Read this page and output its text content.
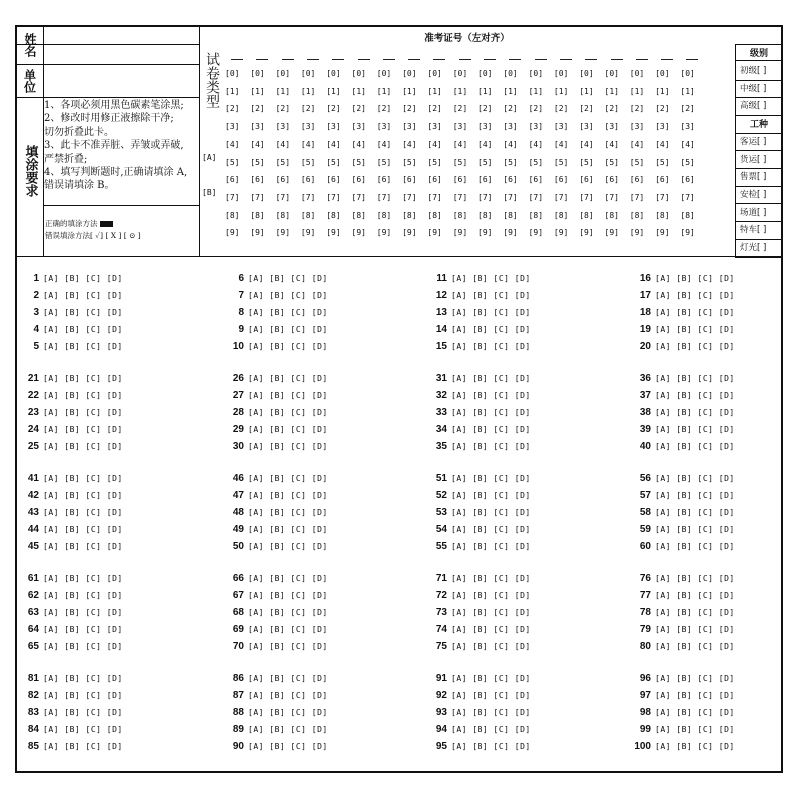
姓名
单位
填涂要求
1、各项必须用黑色碳素笔涂黑;
2、修改时用修正液擦除干净;
切勿折叠此卡。
3、此卡不准弄脏、弄皱或弄破,
严禁折叠;
4、填写判断题时,正确请填涂 A,
错误请填涂 B。
正确的填涂方法
错误填涂方法[ ✓] [ X ] [ ⊙ ]
准考证号（左对齐）
试卷类型
[A]
[B]
[0] [0] [0] [0] [0] [0] [0] [0] [0] [0] [0] [0] [0] [0] [0] [0] [0] [0] [0]
[1] [1] [1] [1] [1] [1] [1] [1] [1] [1] [1] [1] [1] [1] [1] [1] [1] [1] [1]
[2] [2] [2] [2] [2] [2] [2] [2] [2] [2] [2] [2] [2] [2] [2] [2] [2] [2] [2]
[3] [3] [3] [3] [3] [3] [3] [3] [3] [3] [3] [3] [3] [3] [3] [3] [3] [3] [3]
[4] [4] [4] [4] [4] [4] [4] [4] [4] [4] [4] [4] [4] [4] [4] [4] [4] [4] [4]
[5] [5] [5] [5] [5] [5] [5] [5] [5] [5] [5] [5] [5] [5] [5] [5] [5] [5] [5]
[6] [6] [6] [6] [6] [6] [6] [6] [6] [6] [6] [6] [6] [6] [6] [6] [6] [6] [6]
[7] [7] [7] [7] [7] [7] [7] [7] [7] [7] [7] [7] [7] [7] [7] [7] [7] [7] [7]
[8] [8] [8] [8] [8] [8] [8] [8] [8] [8] [8] [8] [8] [8] [8] [8] [8] [8] [8]
[9] [9] [9] [9] [9] [9] [9] [9] [9] [9] [9] [9] [9] [9] [9] [9] [9] [9] [9]
级别
初级[ ]
中级[ ]
高级[ ]
工种
客运[ ]
货运[ ]
售票[ ]
安检[ ]
场道[ ]
特车[ ]
灯光[ ]
1 [A] [B] [C] [D]
2 [A] [B] [C] [D]
3 [A] [B] [C] [D]
4 [A] [B] [C] [D]
5 [A] [B] [C] [D]
6 [A] [B] [C] [D]
7 [A] [B] [C] [D]
8 [A] [B] [C] [D]
9 [A] [B] [C] [D]
10 [A] [B] [C] [D]
11 [A] [B] [C] [D]
12 [A] [B] [C] [D]
13 [A] [B] [C] [D]
14 [A] [B] [C] [D]
15 [A] [B] [C] [D]
16 [A] [B] [C] [D]
17 [A] [B] [C] [D]
18 [A] [B] [C] [D]
19 [A] [B] [C] [D]
20 [A] [B] [C] [D]
21 [A] [B] [C] [D]
22 [A] [B] [C] [D]
23 [A] [B] [C] [D]
24 [A] [B] [C] [D]
25 [A] [B] [C] [D]
26 [A] [B] [C] [D]
27 [A] [B] [C] [D]
28 [A] [B] [C] [D]
29 [A] [B] [C] [D]
30 [A] [B] [C] [D]
31 [A] [B] [C] [D]
32 [A] [B] [C] [D]
33 [A] [B] [C] [D]
34 [A] [B] [C] [D]
35 [A] [B] [C] [D]
36 [A] [B] [C] [D]
37 [A] [B] [C] [D]
38 [A] [B] [C] [D]
39 [A] [B] [C] [D]
40 [A] [B] [C] [D]
41 [A] [B] [C] [D]
42 [A] [B] [C] [D]
43 [A] [B] [C] [D]
44 [A] [B] [C] [D]
45 [A] [B] [C] [D]
46 [A] [B] [C] [D]
47 [A] [B] [C] [D]
48 [A] [B] [C] [D]
49 [A] [B] [C] [D]
50 [A] [B] [C] [D]
51 [A] [B] [C] [D]
52 [A] [B] [C] [D]
53 [A] [B] [C] [D]
54 [A] [B] [C] [D]
55 [A] [B] [C] [D]
56 [A] [B] [C] [D]
57 [A] [B] [C] [D]
58 [A] [B] [C] [D]
59 [A] [B] [C] [D]
60 [A] [B] [C] [D]
61 [A] [B] [C] [D]
62 [A] [B] [C] [D]
63 [A] [B] [C] [D]
64 [A] [B] [C] [D]
65 [A] [B] [C] [D]
66 [A] [B] [C] [D]
67 [A] [B] [C] [D]
68 [A] [B] [C] [D]
69 [A] [B] [C] [D]
70 [A] [B] [C] [D]
71 [A] [B] [C] [D]
72 [A] [B] [C] [D]
73 [A] [B] [C] [D]
74 [A] [B] [C] [D]
75 [A] [B] [C] [D]
76 [A] [B] [C] [D]
77 [A] [B] [C] [D]
78 [A] [B] [C] [D]
79 [A] [B] [C] [D]
80 [A] [B] [C] [D]
81 [A] [B] [C] [D]
82 [A] [B] [C] [D]
83 [A] [B] [C] [D]
84 [A] [B] [C] [D]
85 [A] [B] [C] [D]
86 [A] [B] [C] [D]
87 [A] [B] [C] [D]
88 [A] [B] [C] [D]
89 [A] [B] [C] [D]
90 [A] [B] [C] [D]
91 [A] [B] [C] [D]
92 [A] [B] [C] [D]
93 [A] [B] [C] [D]
94 [A] [B] [C] [D]
95 [A] [B] [C] [D]
96 [A] [B] [C] [D]
97 [A] [B] [C] [D]
98 [A] [B] [C] [D]
99 [A] [B] [C] [D]
100 [A] [B] [C] [D]
